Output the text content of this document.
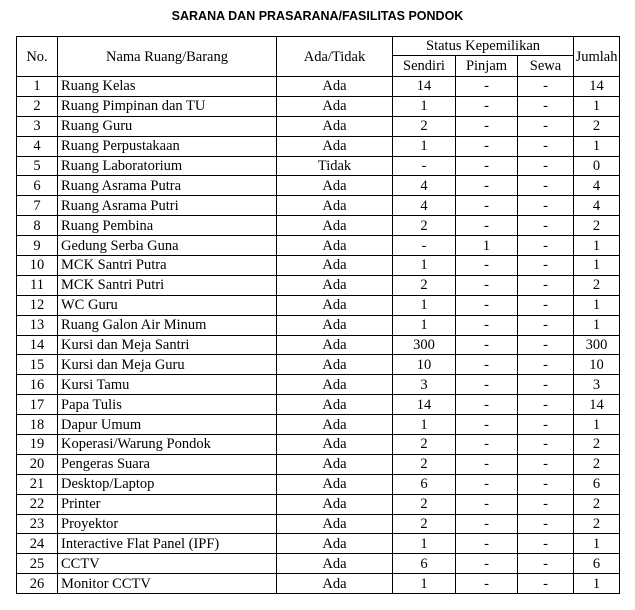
SARANA DAN PRASARANA/FASILITAS PONDOK
No.	Nama Ruang/Barang	Ada/Tidak	Status Kepemilikan			Jumlah
			Sendiri	Pinjam	Sewa	
1	Ruang Kelas	Ada	14	-	-	14
2	Ruang Pimpinan dan TU	Ada	1	-	-	1
3	Ruang Guru	Ada	2	-	-	2
4	Ruang Perpustakaan	Ada	1	-	-	1
5	Ruang Laboratorium	Tidak	-	-	-	0
6	Ruang Asrama Putra	Ada	4	-	-	4
7	Ruang Asrama Putri	Ada	4	-	-	4
8	Ruang Pembina	Ada	2	-	-	2
9	Gedung Serba Guna	Ada	-	1	-	1
10	MCK Santri Putra	Ada	1	-	-	1
11	MCK Santri Putri	Ada	2	-	-	2
12	WC Guru	Ada	1	-	-	1
13	Ruang Galon Air Minum	Ada	1	-	-	1
14	Kursi dan Meja Santri	Ada	300	-	-	300
15	Kursi dan Meja Guru	Ada	10	-	-	10
16	Kursi Tamu	Ada	3	-	-	3
17	Papa Tulis	Ada	14	-	-	14
18	Dapur Umum	Ada	1	-	-	1
19	Koperasi/Warung Pondok	Ada	2	-	-	2
20	Pengeras Suara	Ada	2	-	-	2
21	Desktop/Laptop	Ada	6	-	-	6
22	Printer	Ada	2	-	-	2
23	Proyektor	Ada	2	-	-	2
24	Interactive Flat Panel (IPF)	Ada	1	-	-	1
25	CCTV	Ada	6	-	-	6
26	Monitor CCTV	Ada	1	-	-	1
